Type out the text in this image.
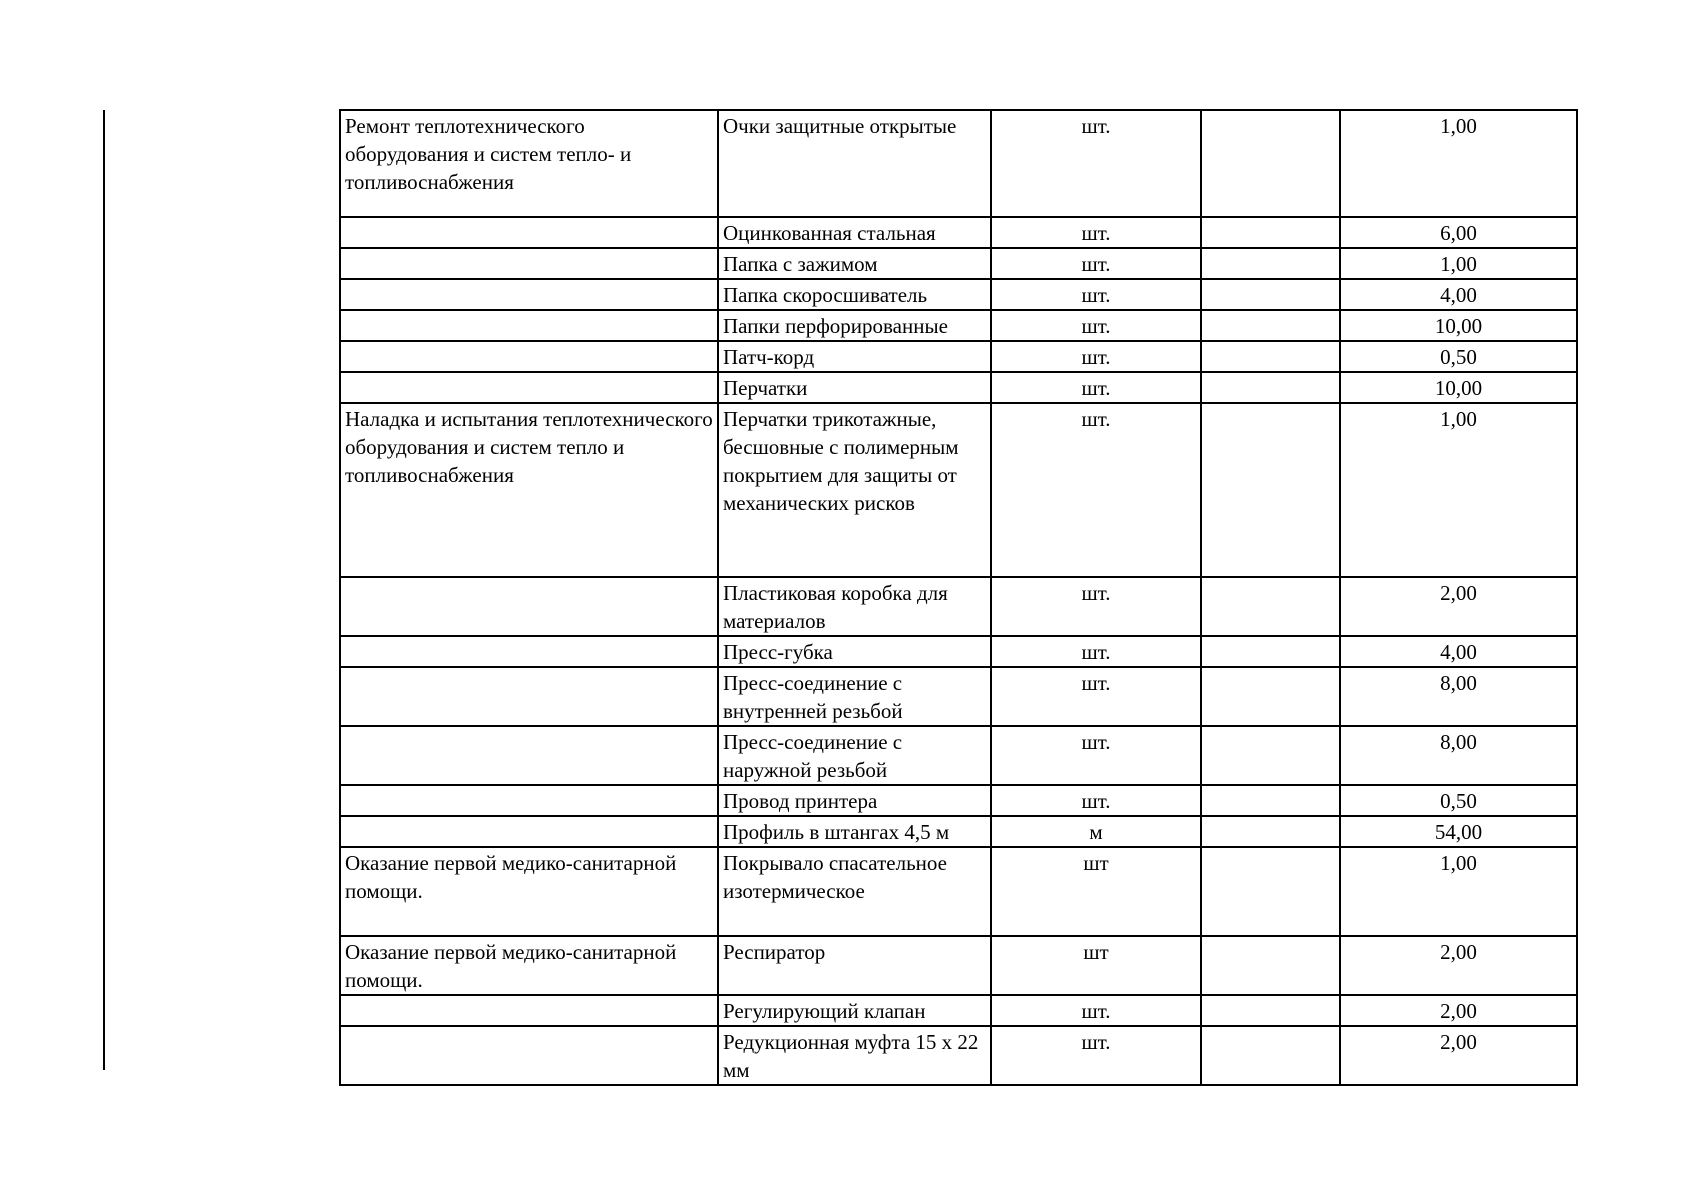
Ремонт теплотехнического оборудования и систем тепло- и топливоснабжения	Очки защитные открытые	шт.		1,00
	Оцинкованная стальная	шт.		6,00
	Папка с зажимом	шт.		1,00
	Папка скоросшиватель	шт.		4,00
	Папки перфорированные	шт.		10,00
	Патч-корд	шт.		0,50
	Перчатки	шт.		10,00
Наладка и испытания теплотехнического оборудования и систем тепло и топливоснабжения	Перчатки трикотажные, бесшовные с полимерным покрытием для защиты от механических рисков	шт.		1,00
	Пластиковая коробка для материалов	шт.		2,00
	Пресс-губка	шт.		4,00
	Пресс-соединение с внутренней резьбой	шт.		8,00
	Пресс-соединение с наружной резьбой	шт.		8,00
	Провод принтера	шт.		0,50
	Профиль в штангах 4,5 м	м		54,00
Оказание первой медико-санитарной помощи.	Покрывало спасательное изотермическое	шт		1,00
Оказание первой медико-санитарной помощи.	Респиратор	шт		2,00
	Регулирующий клапан	шт.		2,00
	Редукционная муфта 15 х 22 мм	шт.		2,00
